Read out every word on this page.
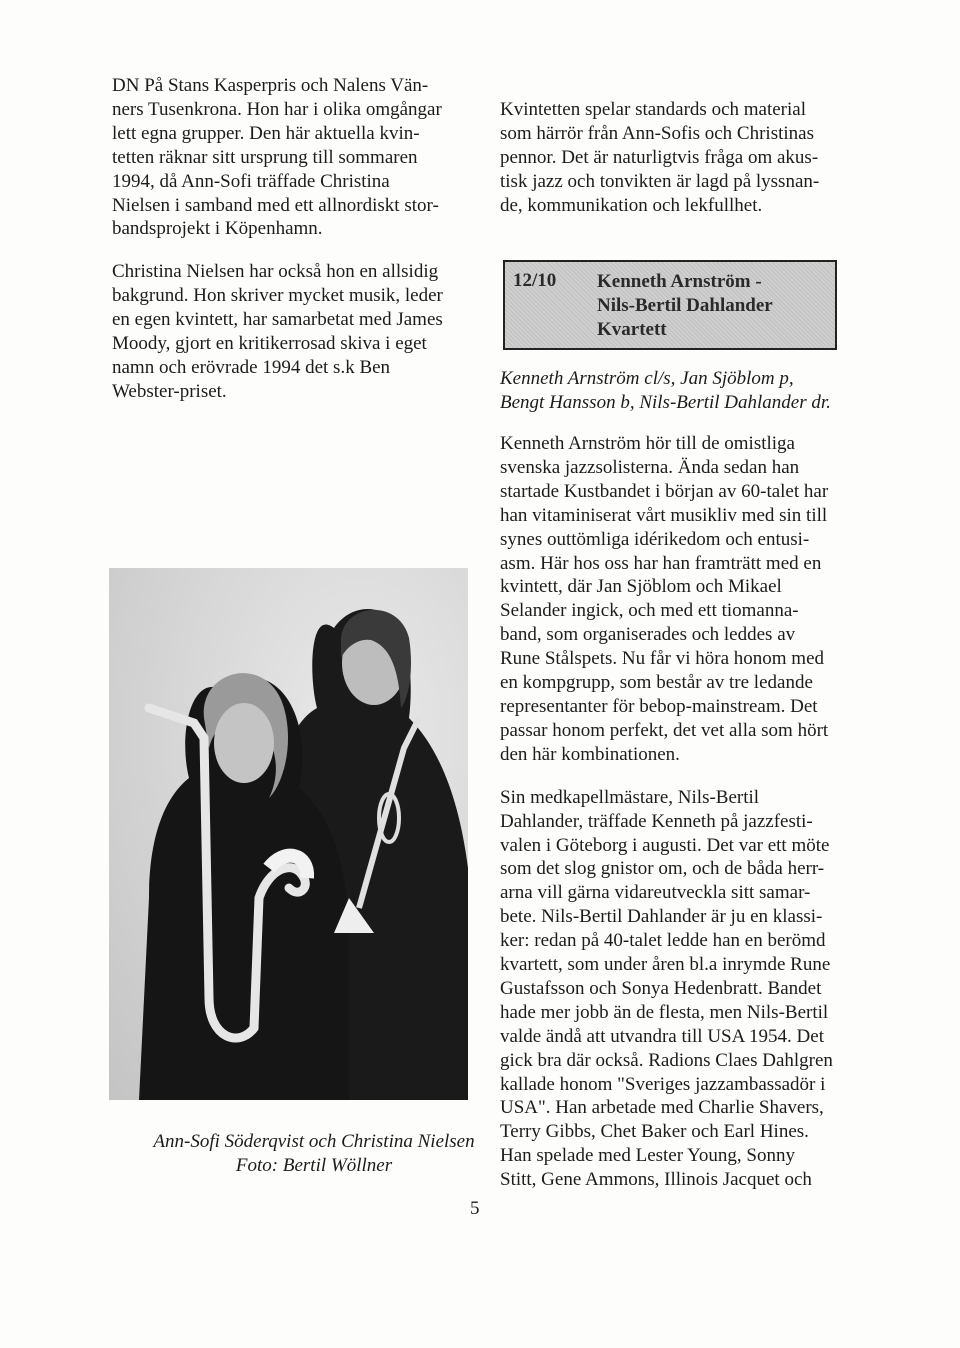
DN På Stans Kasperpris och Nalens Vän-

ners Tusenkrona. Hon har i olika omgångar

lett egna grupper. Den här aktuella kvin-

tetten räknar sitt ursprung till sommaren

1994, då Ann-Sofi träffade Christina

Nielsen i samband med ett allnordiskt stor-

bandsprojekt i Köpenhamn.

Christina Nielsen har också hon en allsidig

bakgrund. Hon skriver mycket musik, leder

en egen kvintett, har samarbetat med James

Moody, gjort en kritikerrosad skiva i eget

namn och erövrade 1994 det s.k Ben

Webster-priset.

Ann-Sofi Söderqvist och Christina Nielsen
Foto: Bertil Wöllner

Kvintetten spelar standards och material

som härrör från Ann-Sofis och Christinas

pennor. Det är naturligtvis fråga om akus-

tisk jazz och tonvikten är lagd på lyssnan-

de, kommunikation och lekfullhet.

12/10 Kenneth Arnström -
Nils-Bertil Dahlander
Kvartett
Kenneth Arnström cl/s, Jan Sjöblom p,
Bengt Hansson b, Nils-Bertil Dahlander dr.

Kenneth Arnström hör till de omistliga

svenska jazzsolisterna. Ända sedan han

startade Kustbandet i början av 60-talet har

han vitaminiserat vårt musikliv med sin till

synes outtömliga idérikedom och entusi-

asm. Här hos oss har han framträtt med en

kvintett, där Jan Sjöblom och Mikael

Selander ingick, och med ett tiomanna-

band, som organiserades och leddes av

Rune Stålspets. Nu får vi höra honom med

en kompgrupp, som består av tre ledande

representanter för bebop-mainstream. Det

passar honom perfekt, det vet alla som hört

den här kombinationen.

Sin medkapellmästare, Nils-Bertil

Dahlander, träffade Kenneth på jazzfesti-

valen i Göteborg i augusti. Det var ett möte

som det slog gnistor om, och de båda herr-

arna vill gärna vidareutveckla sitt samar-

bete. Nils-Bertil Dahlander är ju en klassi-

ker: redan på 40-talet ledde han en berömd

kvartett, som under åren bl.a inrymde Rune

Gustafsson och Sonya Hedenbratt. Bandet

hade mer jobb än de flesta, men Nils-Bertil

valde ändå att utvandra till USA 1954. Det

gick bra där också. Radions Claes Dahlgren

kallade honom "Sveriges jazzambassadör i

USA". Han arbetade med Charlie Shavers,

Terry Gibbs, Chet Baker och Earl Hines.

Han spelade med Lester Young, Sonny

Stitt, Gene Ammons, Illinois Jacquet och

5
